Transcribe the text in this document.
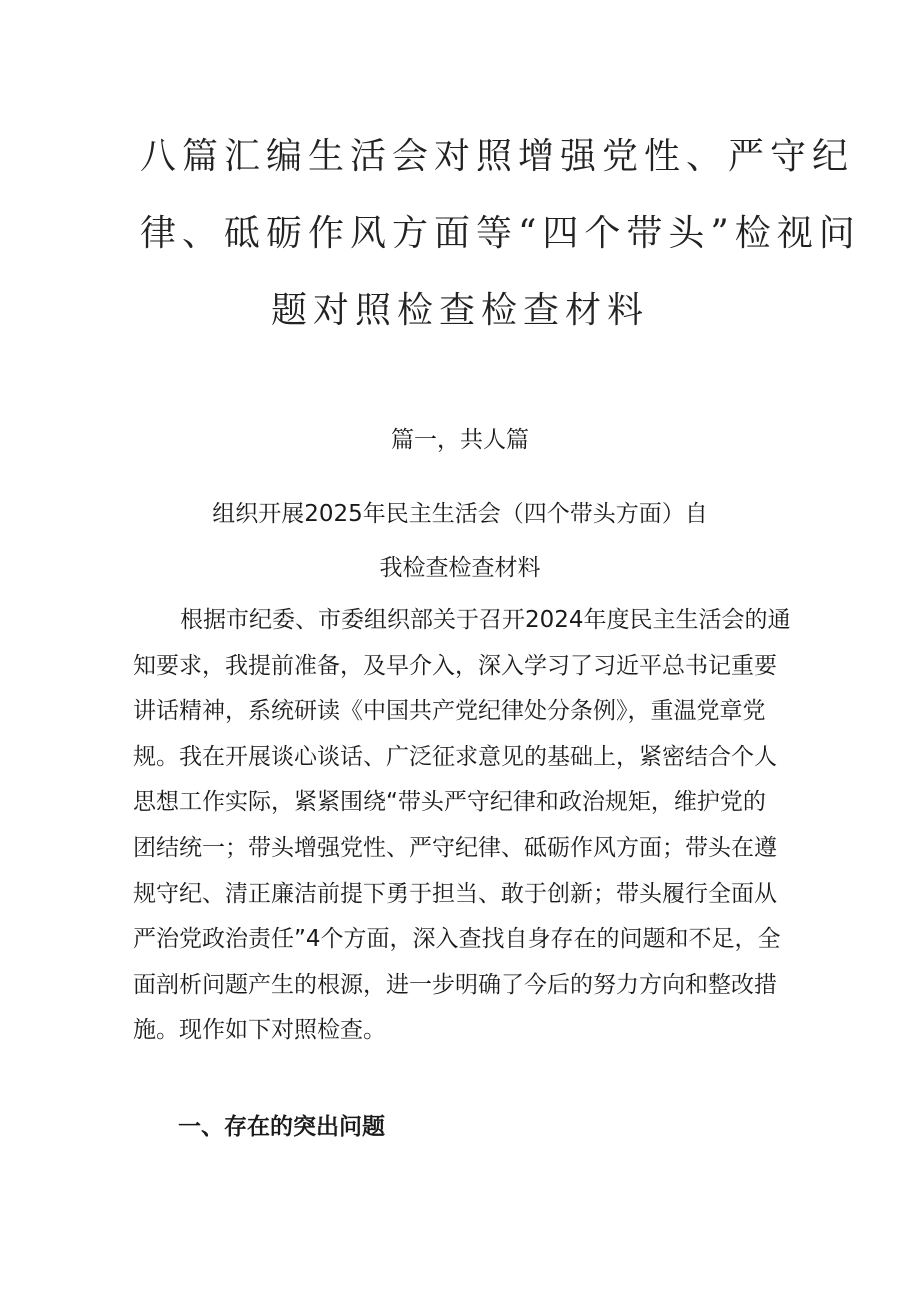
八篇汇编生活会对照增强党性、严守纪
律、砥砺作风方面等“四个带头”检视问
题对照检查检查材料
篇一，共人篇
组织开展2025年民主生活会（四个带头方面）自
我检查检查材料

根据市纪委、市委组织部关于召开2024年度民主生活会的通
知要求，我提前准备，及早介入，深入学习了习近平总书记重要
讲话精神，系统研读《中国共产党纪律处分条例》，重温党章党
规。我在开展谈心谈话、广泛征求意见的基础上，紧密结合个人
思想工作实际，紧紧围绕“带头严守纪律和政治规矩，维护党的
团结统一；带头增强党性、严守纪律、砥砺作风方面；带头在遵
规守纪、清正廉洁前提下勇于担当、敢于创新；带头履行全面从
严治党政治责任”4个方面，深入查找自身存在的问题和不足，全
面剖析问题产生的根源，进一步明确了今后的努力方向和整改措
施。现作如下对照检查。

一、存在的突出问题
